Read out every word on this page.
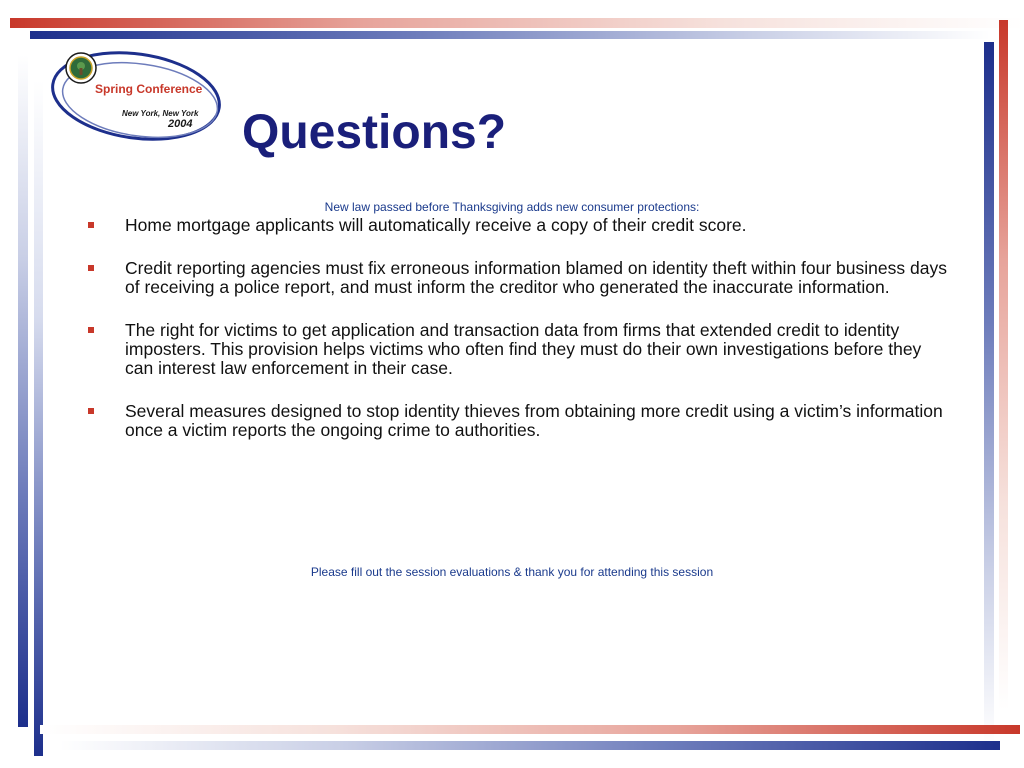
Spring Conference
New York, New York
2004 Questions?
New law passed before Thanksgiving adds new consumer protections:
Home mortgage applicants will automatically receive a copy of their credit score.
Credit reporting agencies must fix erroneous information blamed on identity theft within four business days of receiving a police report, and must inform the creditor who generated the inaccurate information.
The right for victims to get application and transaction data from firms that extended credit to identity imposters. This provision helps victims who often find they must do their own investigations before they can interest law enforcement in their case.
Several measures designed to stop identity thieves from obtaining more credit using a victim’s information once a victim reports the ongoing crime to authorities.
Please fill out the session evaluations & thank you for attending this session
